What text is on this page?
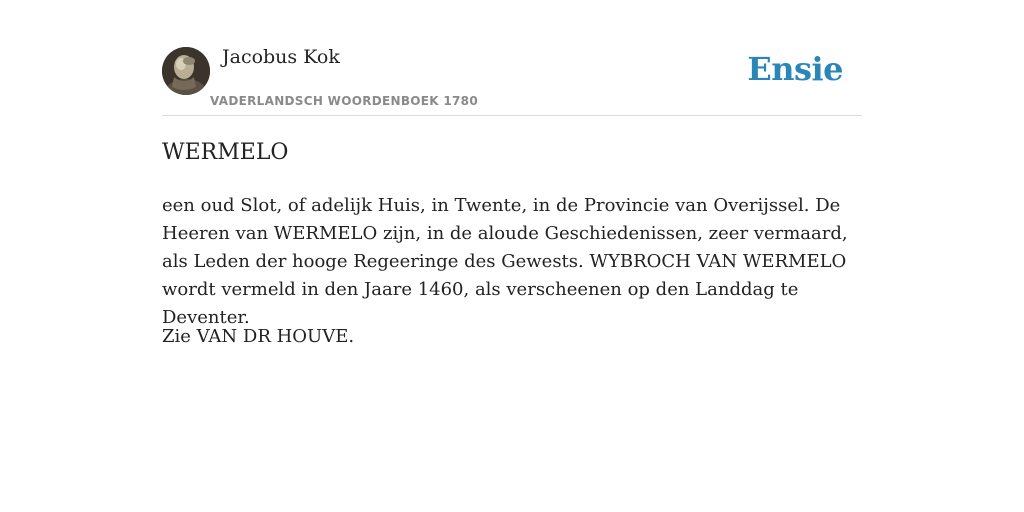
Jacobus Kok
VADERLANDSCH WOORDENBOEK 1780
Ensie
WERMELO

een oud Slot, of adelijk Huis, in Twente, in de Provincie van Overijssel. De Heeren van WERMELO zijn, in de aloude Geschiedenissen, zeer vermaard, als Leden der hooge Regeeringe des Gewests. WYBROCH VAN WERMELO wordt vermeld in den Jaare 1460, als verscheenen op den Landdag te Deventer.

Zie VAN DR HOUVE.
